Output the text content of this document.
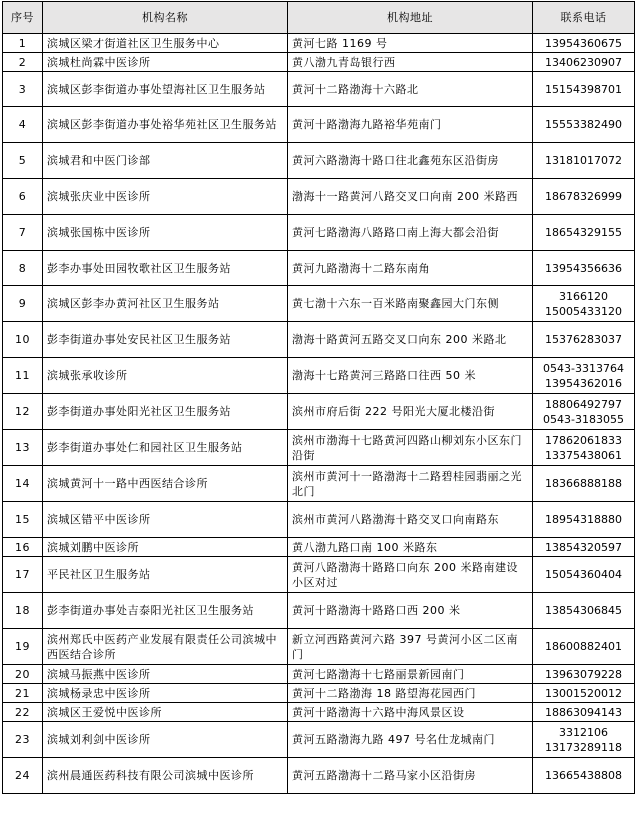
序号	机构名称	机构地址	联系电话
1	滨城区梁才街道社区卫生服务中心	黄河七路 1169 号	13954360675

2	滨城杜尚霖中医诊所	黄八渤九青岛银行西	13406230907

3	滨城区彭李街道办事处望海社区卫生服务站	黄河十二路渤海十六路北	15154398701

4	滨城区彭李街道办事处裕华苑社区卫生服务站	黄河十路渤海九路裕华苑南门	15553382490

5	滨城君和中医门诊部	黄河六路渤海十路口往北鑫苑东区沿街房	13181017072

6	滨城张庆业中医诊所	渤海十一路黄河八路交叉口向南 200 米路西	18678326999

7	滨城张国栋中医诊所	黄河七路渤海八路路口南上海大都会沿街	18654329155

8	彭李办事处田园牧歌社区卫生服务站	黄河九路渤海十二路东南角	13954356636

9	滨城区彭李办黄河社区卫生服务站	黄七渤十六东一百米路南聚鑫园大门东侧	3166120
15005433120

10	彭李街道办事处安民社区卫生服务站	渤海十路黄河五路交叉口向东 200 米路北	15376283037

11	滨城张承收诊所	渤海十七路黄河三路路口往西 50 米	0543-3313764
13954362016

12	彭李街道办事处阳光社区卫生服务站	滨州市府后街 222 号阳光大厦北楼沿街	18806492797
0543-3183055

13	彭李街道办事处仁和园社区卫生服务站	滨州市渤海十七路黄河四路山柳刘东小区东门沿街	17862061833
13375438061

14	滨城黄河十一路中西医结合诊所	滨州市黄河十一路渤海十二路碧桂园翡丽之光北门	18366888188

15	滨城区错平中医诊所	滨州市黄河八路渤海十路交叉口向南路东	18954318880

16	滨城刘鹏中医诊所	黄八渤九路口南 100 米路东	13854320597

17	平民社区卫生服务站	黄河八路渤海十路路口向东 200 米路南建设小区对过	15054360404

18	彭李街道办事处吉泰阳光社区卫生服务站	黄河十路渤海十路路口西 200 米	13854306845

19	滨州郑氏中医药产业发展有限责任公司滨城中西医结合诊所	新立河西路黄河六路 397 号黄河小区二区南门	18600882401

20	滨城马振燕中医诊所	黄河七路渤海十七路丽景新园南门	13963079228

21	滨城杨录忠中医诊所	黄河十二路渤海 18 路望海花园西门	13001520012

22	滨城区王爱悦中医诊所	黄河十路渤海十六路中海风景区设	18863094143

23	滨城刘利剑中医诊所	黄河五路渤海九路 497 号名仕龙城南门	3312106
13173289118

24	滨州晨通医药科技有限公司滨城中医诊所	黄河五路渤海十二路马家小区沿街房	13665438808
